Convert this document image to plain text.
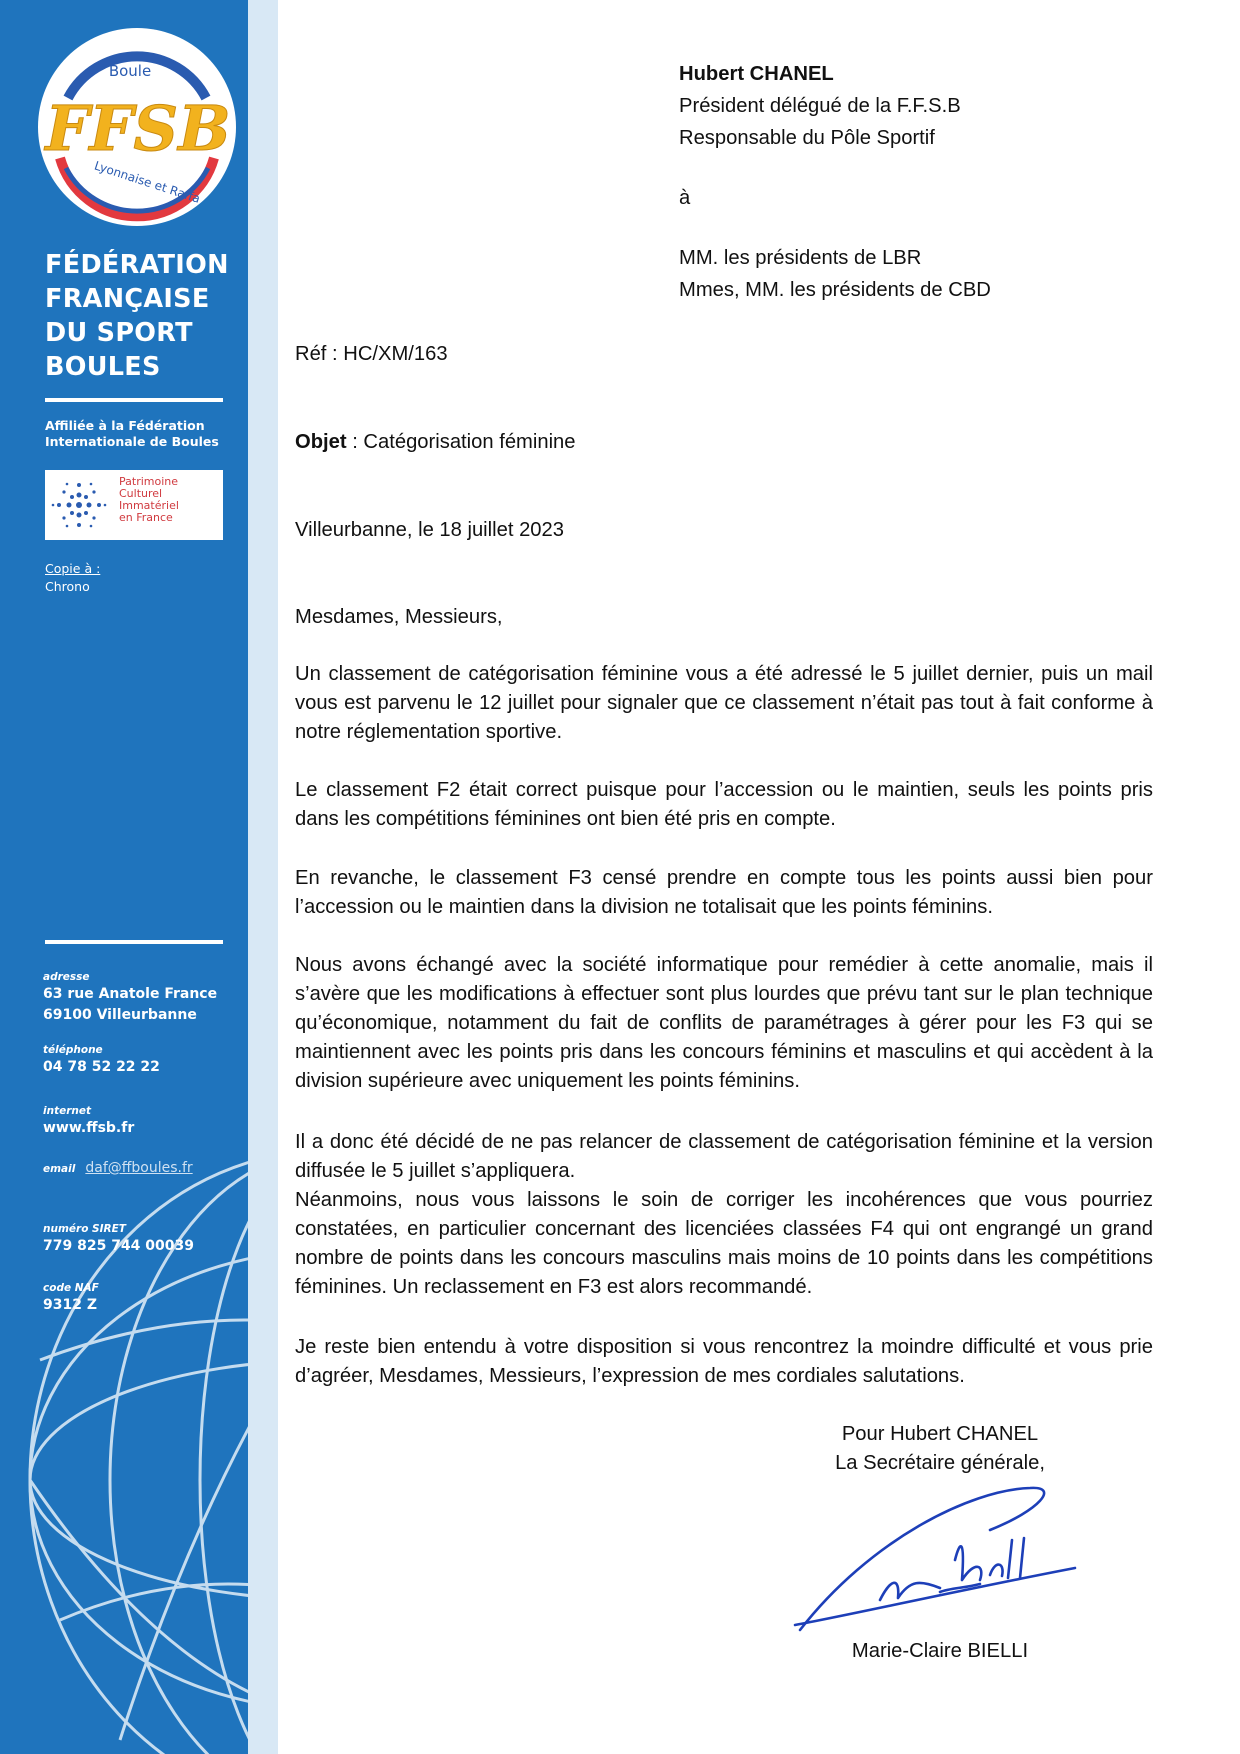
Boule
FFSB
Lyonnaise et Raffa
FÉDÉRATION
FRANÇAISE
DU SPORT
BOULES
Affiliée à la Fédération
Internationale de Boules
Patrimoine
Culturel
Immatériel
en France
Copie à :
Chrono
adresse
63 rue Anatole France
69100 Villeurbanne
téléphone
04 78 52 22 22
internet
www.ffsb.fr
email daf@ffboules.fr
numéro SIRET
779 825 744 00039
code NAF
9312 Z
Hubert CHANEL
Président délégué de la F.F.S.B
Responsable du Pôle Sportif
à
MM. les présidents de LBR
Mmes, MM. les présidents de CBD
Réf : HC/XM/163
Objet : Catégorisation féminine
Villeurbanne, le 18 juillet 2023
Mesdames, Messieurs,

Un classement de catégorisation féminine vous a été adressé le 5 juillet dernier, puis un mail vous est parvenu le 12 juillet pour signaler que ce classement n’était pas tout à fait conforme à notre réglementation sportive.

Le classement F2 était correct puisque pour l’accession ou le maintien, seuls les points pris dans les compétitions féminines ont bien été pris en compte.

En revanche, le classement F3 censé prendre en compte tous les points aussi bien pour l’accession ou le maintien dans la division ne totalisait que les points féminins.

Nous avons échangé avec la société informatique pour remédier à cette anomalie, mais il s’avère que les modifications à effectuer sont plus lourdes que prévu tant sur le plan technique qu’économique, notamment du fait de conflits de paramétrages à gérer pour les F3 qui se maintiennent avec les points pris dans les concours féminins et masculins et qui accèdent à la division supérieure avec uniquement les points féminins.

Il a donc été décidé de ne pas relancer de classement de catégorisation féminine et la version diffusée le 5 juillet s’appliquera.

Néanmoins, nous vous laissons le soin de corriger les incohérences que vous pourriez constatées, en particulier concernant des licenciées classées F4 qui ont engrangé un grand nombre de points dans les concours masculins mais moins de 10 points dans les compétitions féminines. Un reclassement en F3 est alors recommandé.

Je reste bien entendu à votre disposition si vous rencontrez la moindre difficulté et vous prie d’agréer, Mesdames, Messieurs, l’expression de mes cordiales salutations.

Pour Hubert CHANEL
La Secrétaire générale,
Marie-Claire BIELLI
